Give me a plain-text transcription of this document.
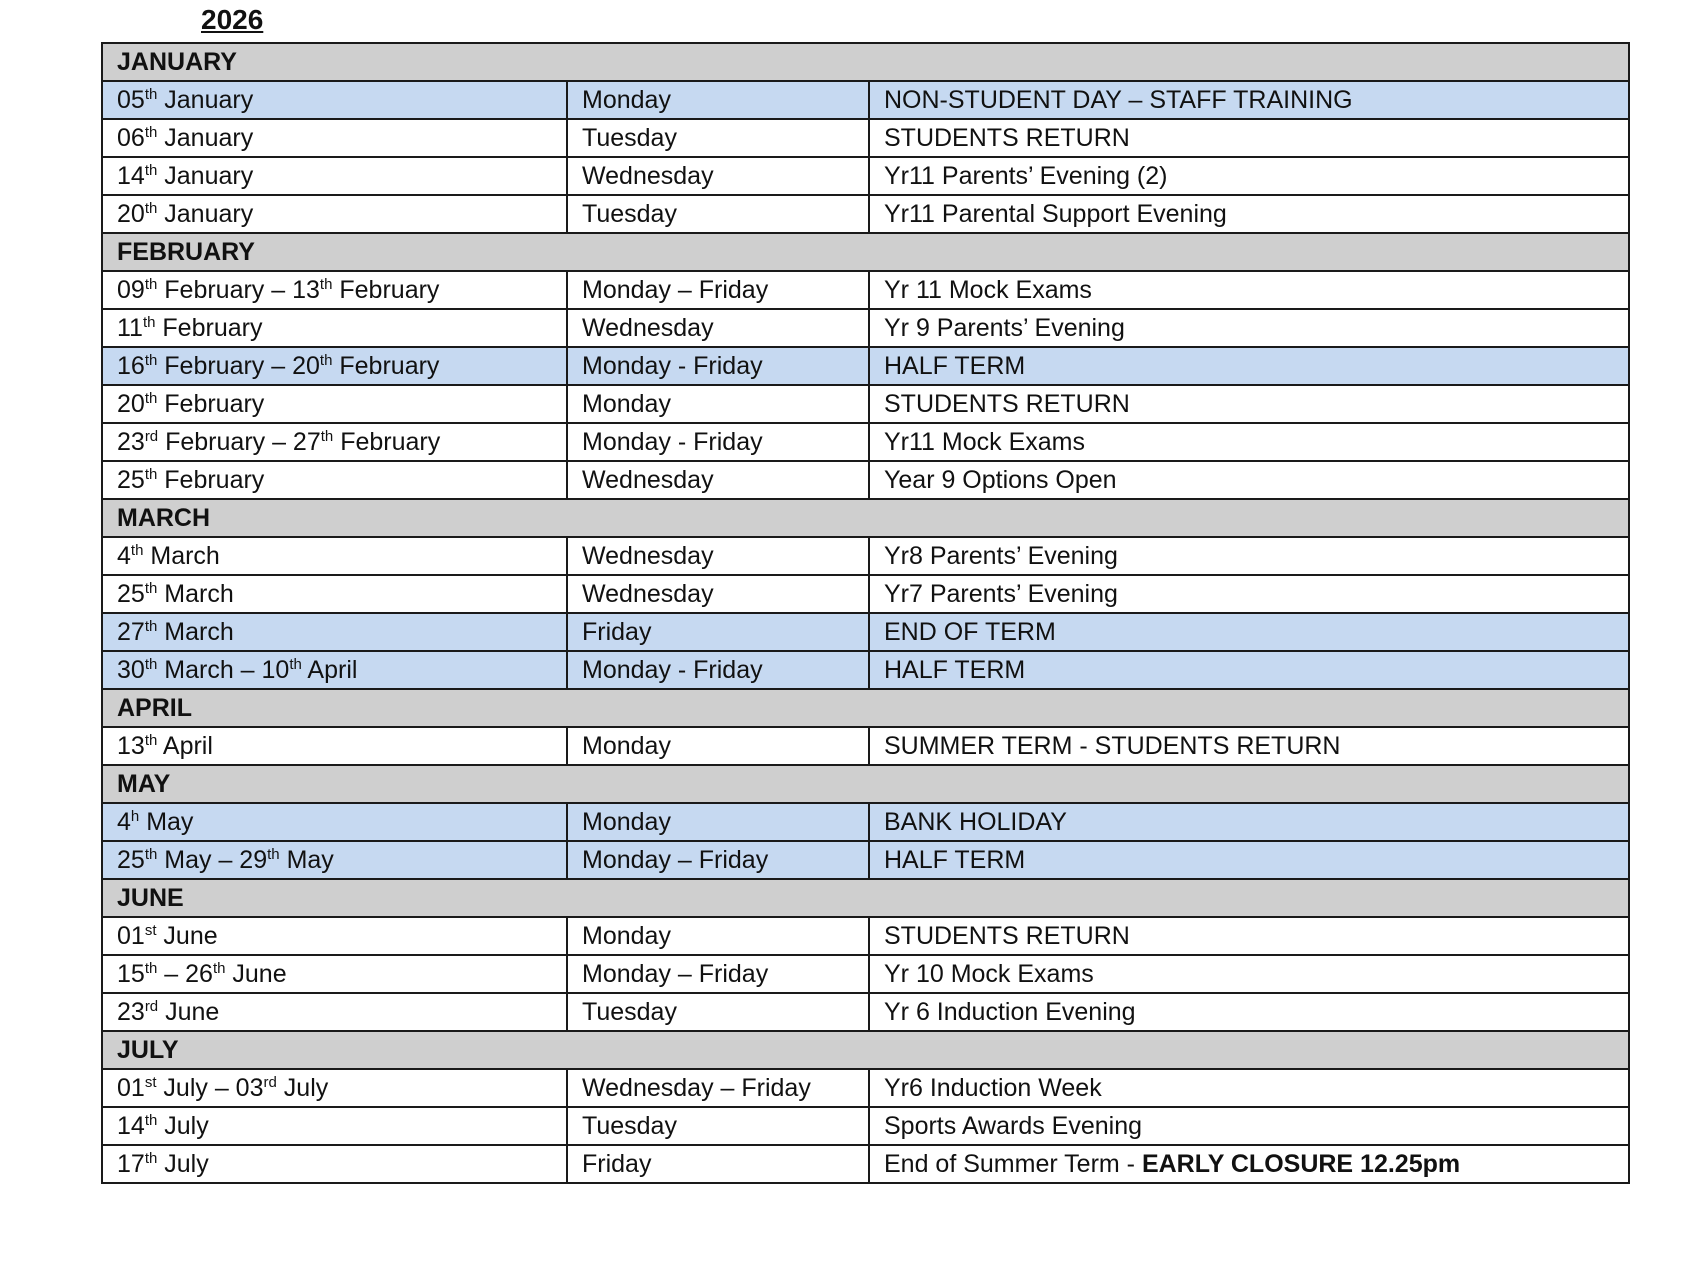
2026
JANUARY		
05th January	Monday	NON-STUDENT DAY – STAFF TRAINING
06th January	Tuesday	STUDENTS RETURN
14th January	Wednesday	Yr11 Parents’ Evening (2)
20th January	Tuesday	Yr11 Parental Support Evening
FEBRUARY		
09th February – 13th February	Monday – Friday	Yr 11 Mock Exams
11th February	Wednesday	Yr 9 Parents’ Evening
16th February – 20th February	Monday - Friday	HALF TERM
20th February	Monday	STUDENTS RETURN
23rd February – 27th February	Monday - Friday	Yr11 Mock Exams
25th February	Wednesday	Year 9 Options Open
MARCH		
4th March	Wednesday	Yr8 Parents’ Evening
25th March	Wednesday	Yr7 Parents’ Evening
27th March	Friday	END OF TERM
30th March – 10th April	Monday - Friday	HALF TERM
APRIL		
13th April	Monday	SUMMER TERM - STUDENTS RETURN
MAY		
4$^h$ May	Monday	BANK HOLIDAY
25th May – 29th May	Monday – Friday	HALF TERM
JUNE		
01st June	Monday	STUDENTS RETURN
15th – 26th June	Monday – Friday	Yr 10 Mock Exams
23rd June	Tuesday	Yr 6 Induction Evening
JULY		
01st July – 03rd July	Wednesday – Friday	Yr6 Induction Week
14th July	Tuesday	Sports Awards Evening
17th July	Friday	End of Summer Term - EARLY CLOSURE 12.25pm
